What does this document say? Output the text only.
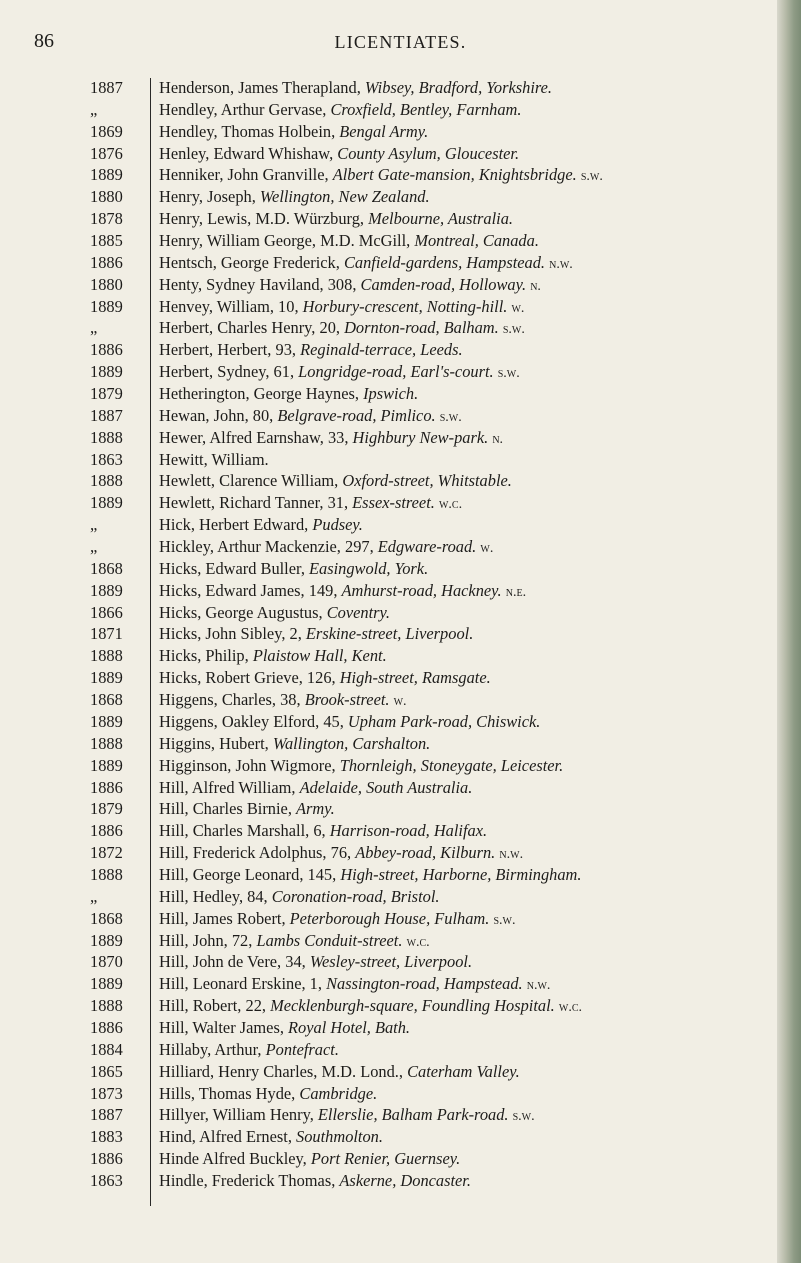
86	LICENTIATES.
1887
„
1869
1876
1889
1880
1878
1885
1886
1880
1889
„
1886
1889
1879
1887
1888
1863
1888
1889
„
„
1868
1889
1866
1871
1888
1889
1868
1889
1888
1889
1886
1879
1886
1872
1888
„
1868
1889
1870
1889
1888
1886
1884
1865
1873
1887
1883
1886
1863
Henderson, James Therapland, Wibsey, Bradford, Yorkshire.
Hendley, Arthur Gervase, Croxfield, Bentley, Farnham.
Hendley, Thomas Holbein, Bengal Army.
Henley, Edward Whishaw, County Asylum, Gloucester.
Henniker, John Granville, Albert Gate-mansion, Knightsbridge. s.w.
Henry, Joseph, Wellington, New Zealand.
Henry, Lewis, M.D. Würzburg, Melbourne, Australia.
Henry, William George, M.D. McGill, Montreal, Canada.
Hentsch, George Frederick, Canfield-gardens, Hampstead. n.w.
Henty, Sydney Haviland, 308, Camden-road, Holloway. n.
Henvey, William, 10, Horbury-crescent, Notting-hill. w.
Herbert, Charles Henry, 20, Dornton-road, Balham. s.w.
Herbert, Herbert, 93, Reginald-terrace, Leeds.
Herbert, Sydney, 61, Longridge-road, Earl's-court. s.w.
Hetherington, George Haynes, Ipswich.
Hewan, John, 80, Belgrave-road, Pimlico. s.w.
Hewer, Alfred Earnshaw, 33, Highbury New-park. n.
Hewitt, William.
Hewlett, Clarence William, Oxford-street, Whitstable.
Hewlett, Richard Tanner, 31, Essex-street. w.c.
Hick, Herbert Edward, Pudsey.
Hickley, Arthur Mackenzie, 297, Edgware-road. w.
Hicks, Edward Buller, Easingwold, York.
Hicks, Edward James, 149, Amhurst-road, Hackney. n.e.
Hicks, George Augustus, Coventry.
Hicks, John Sibley, 2, Erskine-street, Liverpool.
Hicks, Philip, Plaistow Hall, Kent.
Hicks, Robert Grieve, 126, High-street, Ramsgate.
Higgens, Charles, 38, Brook-street. w.
Higgens, Oakley Elford, 45, Upham Park-road, Chiswick.
Higgins, Hubert, Wallington, Carshalton.
Higginson, John Wigmore, Thornleigh, Stoneygate, Leicester.
Hill, Alfred William, Adelaide, South Australia.
Hill, Charles Birnie, Army.
Hill, Charles Marshall, 6, Harrison-road, Halifax.
Hill, Frederick Adolphus, 76, Abbey-road, Kilburn. n.w.
Hill, George Leonard, 145, High-street, Harborne, Birmingham.
Hill, Hedley, 84, Coronation-road, Bristol.
Hill, James Robert, Peterborough House, Fulham. s.w.
Hill, John, 72, Lambs Conduit-street. w.c.
Hill, John de Vere, 34, Wesley-street, Liverpool.
Hill, Leonard Erskine, 1, Nassington-road, Hampstead. n.w.
Hill, Robert, 22, Mecklenburgh-square, Foundling Hospital. w.c.
Hill, Walter James, Royal Hotel, Bath.
Hillaby, Arthur, Pontefract.
Hilliard, Henry Charles, M.D. Lond., Caterham Valley.
Hills, Thomas Hyde, Cambridge.
Hillyer, William Henry, Ellerslie, Balham Park-road. s.w.
Hind, Alfred Ernest, Southmolton.
Hinde Alfred Buckley, Port Renier, Guernsey.
Hindle, Frederick Thomas, Askerne, Doncaster.
